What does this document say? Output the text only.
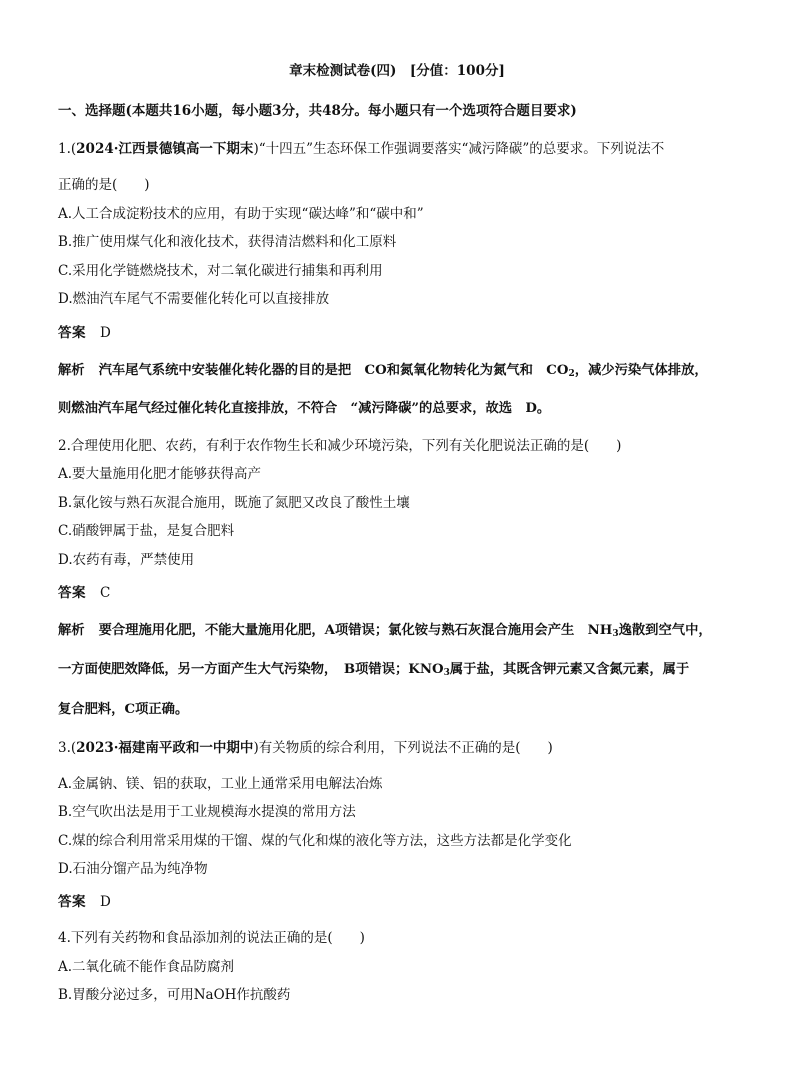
章末检测试卷(四)　[分值：100分]
一、选择题(本题共16小题，每小题3分，共48分。每小题只有一个选项符合题目要求)
1.(2024·江西景德镇高一下期末)“十四五”生态环保工作强调要落实“减污降碳”的总要求。下列说法不
正确的是(　　)
A.人工合成淀粉技术的应用，有助于实现“碳达峰”和“碳中和”
B.推广使用煤气化和液化技术，获得清洁燃料和化工原料
C.采用化学链燃烧技术，对二氧化碳进行捕集和再利用
D.燃油汽车尾气不需要催化转化可以直接排放
答案 D
解析 汽车尾气系统中安装催化转化器的目的是把　CO和氮氧化物转化为氮气和　$CO_2$，减少污染气体排放，
则燃油汽车尾气经过催化转化直接排放，不符合　“减污降碳”的总要求，故选　D。
2.合理使用化肥、农药，有利于农作物生长和减少环境污染，下列有关化肥说法正确的是(　　)
A.要大量施用化肥才能够获得高产
B.氯化铵与熟石灰混合施用，既施了氮肥又改良了酸性土壤
C.硝酸钾属于盐，是复合肥料
D.农药有毒，严禁使用
答案 C
解析 要合理施用化肥，不能大量施用化肥，A项错误；氯化铵与熟石灰混合施用会产生　$NH_3$逸散到空气中，
一方面使肥效降低，另一方面产生大气污染物，　B项错误；$KNO_3$属于盐，其既含钾元素又含氮元素，属于
复合肥料，C项正确。
3.(2023·福建南平政和一中期中)有关物质的综合利用，下列说法不正确的是(　　)
A.金属钠、镁、铝的获取，工业上通常采用电解法冶炼
B.空气吹出法是用于工业规模海水提溴的常用方法
C.煤的综合利用常采用煤的干馏、煤的气化和煤的液化等方法，这些方法都是化学变化
D.石油分馏产品为纯净物
答案 D
4.下列有关药物和食品添加剂的说法正确的是(　　)
A.二氧化硫不能作食品防腐剂
B.胃酸分泌过多，可用NaOH作抗酸药
